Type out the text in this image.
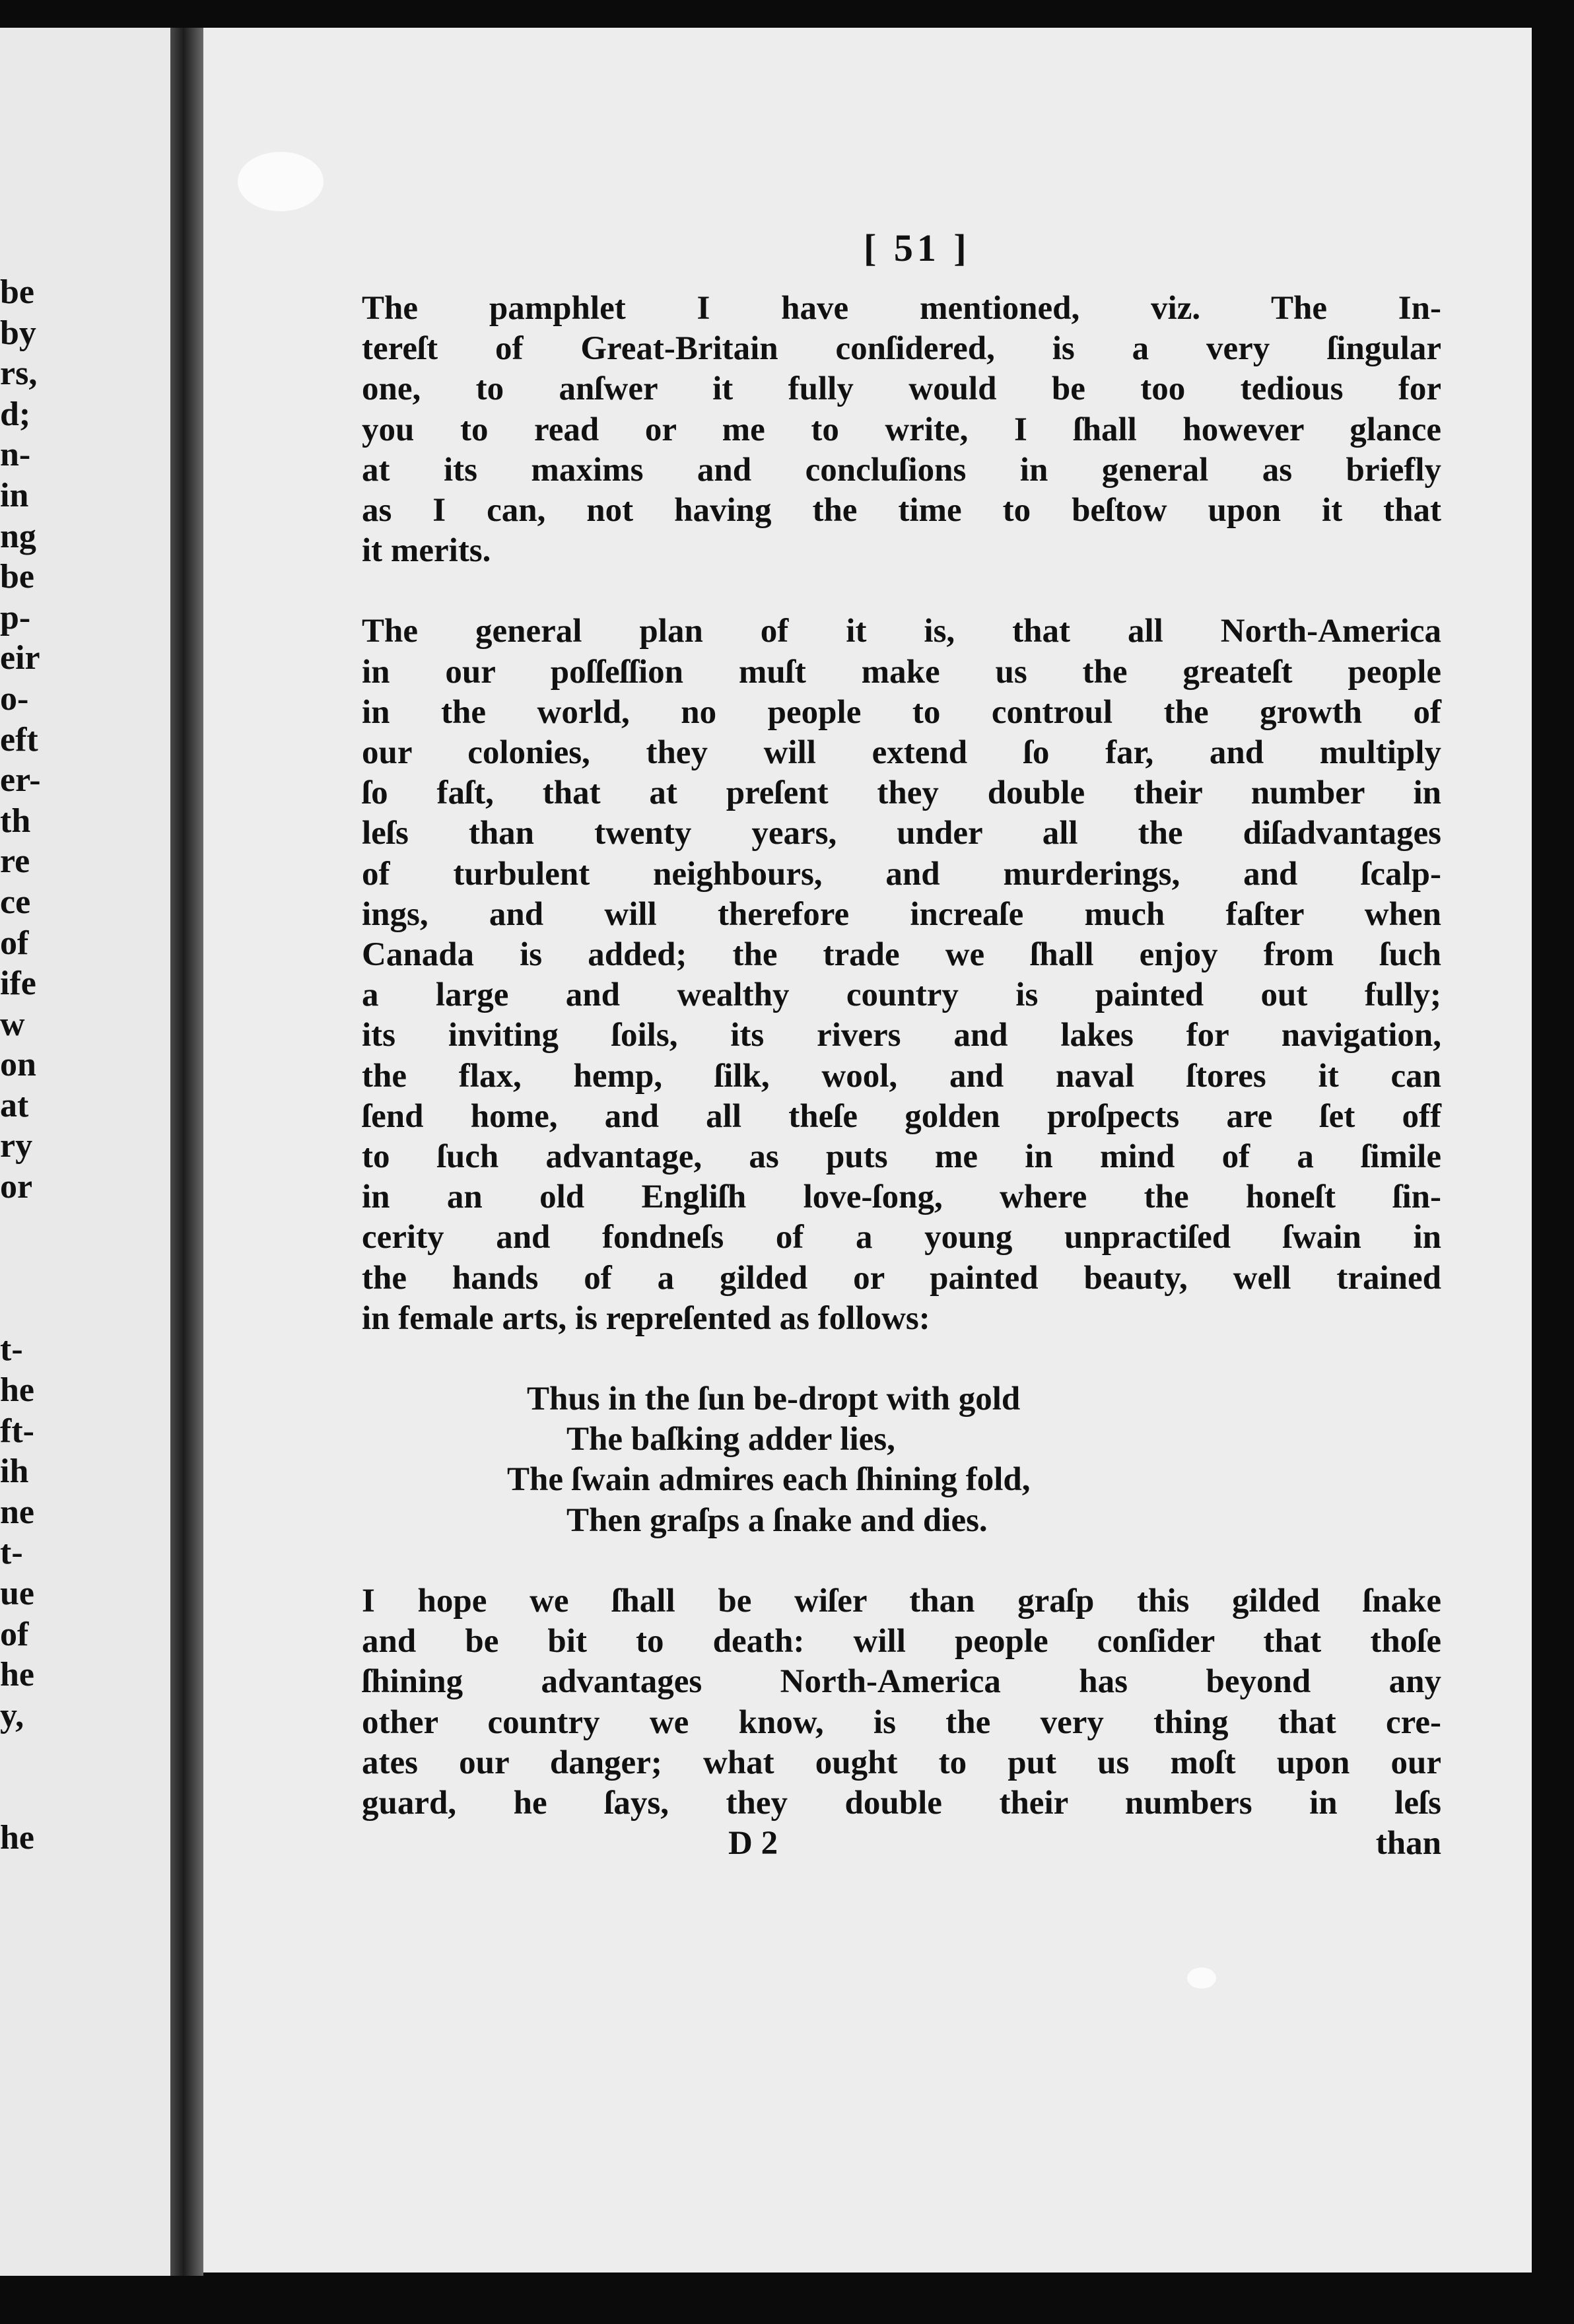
be
by
rs,
d;
n-
in
ng
be
p-
eir
o-
eft
er-
th
re
ce
of
ife
w
on
at
ry
or
t-
he
ft-
ih
ne
t-
ue
of
he
y,
he
[ 51 ]
The pamphlet I have mentioned, viz. The In-
tereſt of Great-Britain conſidered, is a very ſingular
one, to anſwer it fully would be too tedious for
you to read or me to write, I ſhall however glance
at its maxims and concluſions in general as briefly
as I can, not having the time to beſtow upon it that
it merits.
The general plan of it is, that all North-America
in our poſſeſſion muſt make us the greateſt people
in the world, no people to controul the growth of
our colonies, they will extend ſo far, and multiply
ſo faſt, that at preſent they double their number in
leſs than twenty years, under all the diſadvantages
of turbulent neighbours, and murderings, and ſcalp-
ings, and will therefore increaſe much faſter when
Canada is added; the trade we ſhall enjoy from ſuch
a large and wealthy country is painted out fully;
its inviting ſoils, its rivers and lakes for navigation,
the flax, hemp, ſilk, wool, and naval ſtores it can
ſend home, and all theſe golden proſpects are ſet off
to ſuch advantage, as puts me in mind of a ſimile
in an old Engliſh love-ſong, where the honeſt ſin-
cerity and fondneſs of a young unpractiſed ſwain in
the hands of a gilded or painted beauty, well trained
in female arts, is repreſented as follows:
Thus in the ſun be-dropt with gold
The baſking adder lies,
The ſwain admires each ſhining fold,
Then graſps a ſnake and dies.
I hope we ſhall be wiſer than graſp this gilded ſnake
and be bit to death: will people conſider that thoſe
ſhining advantages North-America has beyond any
other country we know, is the very thing that cre-
ates our danger; what ought to put us moſt upon our
guard, he ſays, they double their numbers in leſs
D 2	than
